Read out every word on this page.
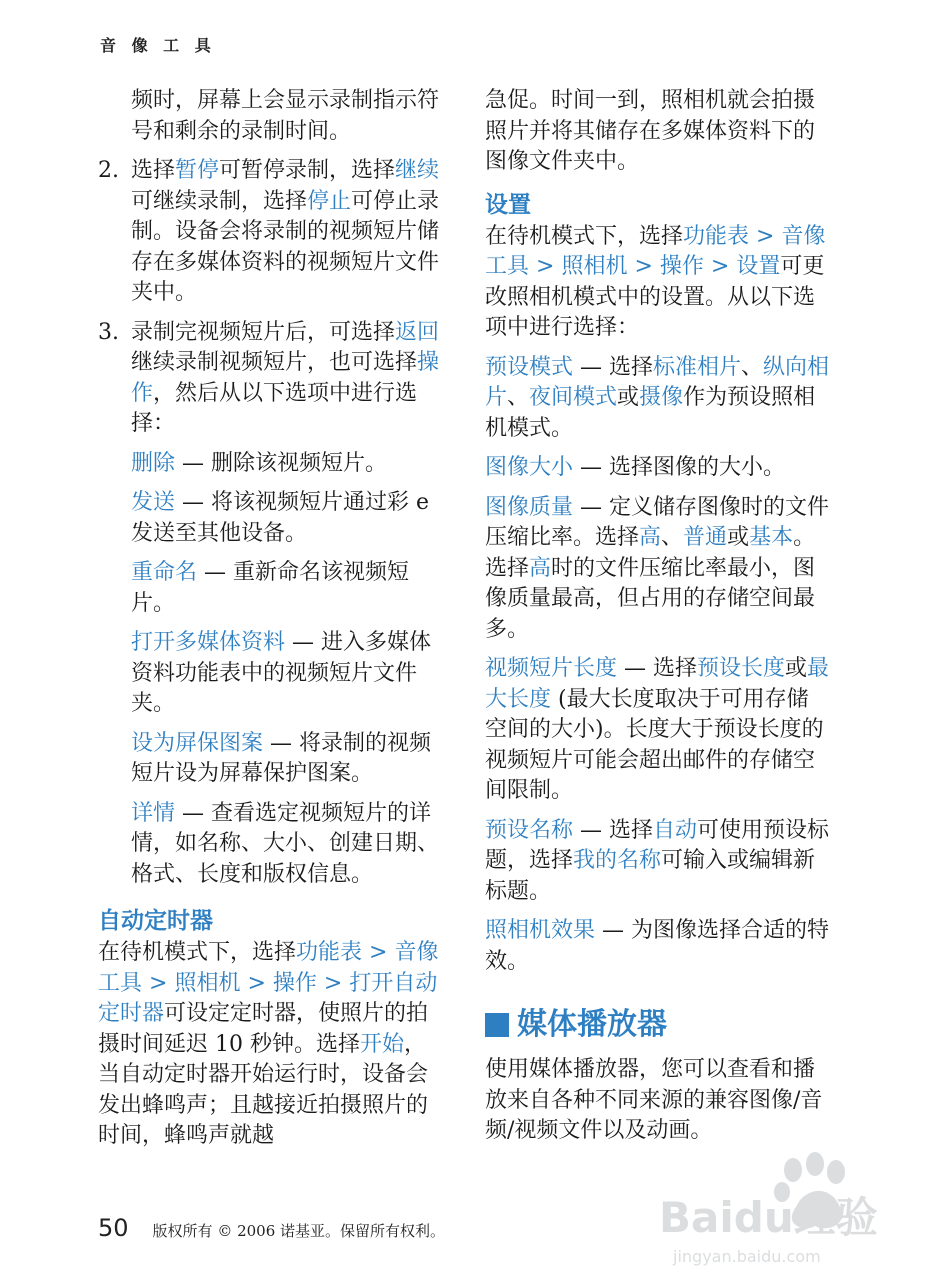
音 像 工 具

频时，屏幕上会显示录制指示符号和剩余的录制时间。

2. 选择暂停可暂停录制，选择继续可继续录制，选择停止可停止录制。设备会将录制的视频短片储存在多媒体资料的视频短片文件夹中。
3. 录制完视频短片后，可选择返回继续录制视频短片，也可选择操作，然后从以下选项中进行选择：
删除 — 删除该视频短片。
发送 — 将该视频短片通过彩 e 发送至其他设备。
重命名 — 重新命名该视频短片。
打开多媒体资料 — 进入多媒体资料功能表中的视频短片文件夹。
设为屏保图案 — 将录制的视频短片设为屏幕保护图案。
详情 — 查看选定视频短片的详情，如名称、大小、创建日期、格式、长度和版权信息。
自动定时器
在待机模式下，选择功能表 > 音像工具 > 照相机 > 操作 > 打开自动定时器可设定定时器，使照片的拍摄时间延迟 10 秒钟。选择开始，当自动定时器开始运行时，设备会发出蜂鸣声；且越接近拍摄照片的时间，蜂鸣声就越

急促。时间一到，照相机就会拍摄照片并将其储存在多媒体资料下的图像文件夹中。

设置
在待机模式下，选择功能表 > 音像工具 > 照相机 > 操作 > 设置可更改照相机模式中的设置。从以下选项中进行选择：
预设模式 — 选择标准相片、纵向相片、夜间模式或摄像作为预设照相机模式。
图像大小 — 选择图像的大小。
图像质量 — 定义储存图像时的文件压缩比率。选择高、普通或基本。选择高时的文件压缩比率最小，图像质量最高，但占用的存储空间最多。
视频短片长度 — 选择预设长度或最大长度 (最大长度取决于可用存储空间的大小)。长度大于预设长度的视频短片可能会超出邮件的存储空间限制。
预设名称 — 选择自动可使用预设标题，选择我的名称可输入或编辑新标题。
照相机效果 — 为图像选择合适的特效。
媒体播放器

使用媒体播放器，您可以查看和播放来自各种不同来源的兼容图像/音频/视频文件以及动画。

50 版权所有 © 2006 诺基亚。保留所有权利。	Baidu经验
jingyan.baidu.com
